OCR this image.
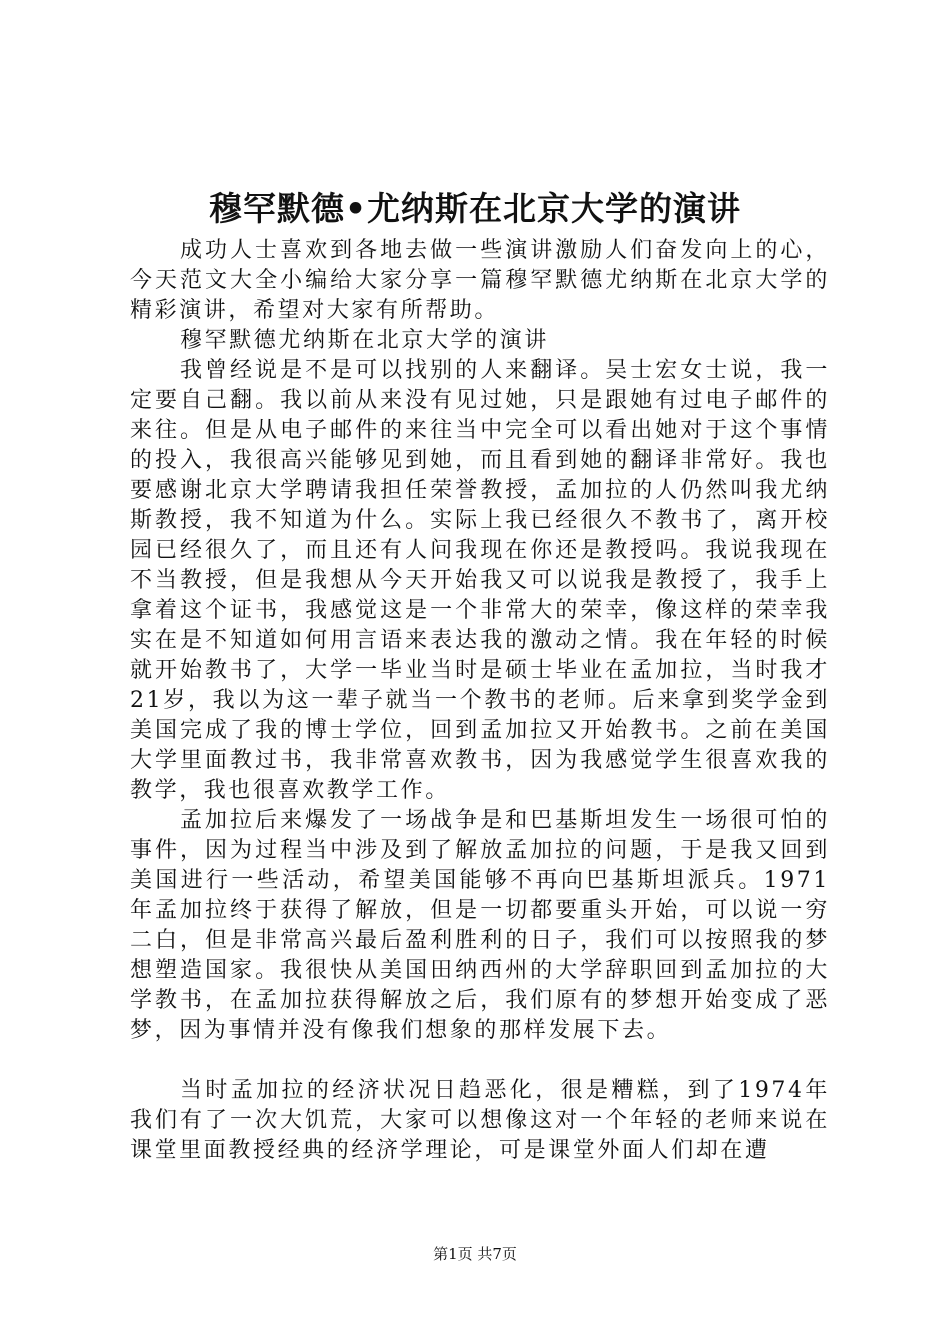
穆罕默德•尤纳斯在北京大学的演讲

成功人士喜欢到各地去做一些演讲激励人们奋发向上的心，今天范文大全小编给大家分享一篇穆罕默德尤纳斯在北京大学的精彩演讲，希望对大家有所帮助。

穆罕默德尤纳斯在北京大学的演讲

我曾经说是不是可以找别的人来翻译。吴士宏女士说，我一定要自己翻。我以前从来没有见过她，只是跟她有过电子邮件的来往。但是从电子邮件的来往当中完全可以看出她对于这个事情的投入，我很高兴能够见到她，而且看到她的翻译非常好。我也要感谢北京大学聘请我担任荣誉教授，孟加拉的人仍然叫我尤纳斯教授，我不知道为什么。实际上我已经很久不教书了，离开校园已经很久了，而且还有人问我现在你还是教授吗。我说我现在不当教授，但是我想从今天开始我又可以说我是教授了，我手上拿着这个证书，我感觉这是一个非常大的荣幸，像这样的荣幸我实在是不知道如何用言语来表达我的激动之情。我在年轻的时候就开始教书了，大学一毕业当时是硕士毕业在孟加拉，当时我才21岁，我以为这一辈子就当一个教书的老师。后来拿到奖学金到美国完成了我的博士学位，回到孟加拉又开始教书。之前在美国大学里面教过书，我非常喜欢教书，因为我感觉学生很喜欢我的教学，我也很喜欢教学工作。

孟加拉后来爆发了一场战争是和巴基斯坦发生一场很可怕的事件，因为过程当中涉及到了解放孟加拉的问题，于是我又回到美国进行一些活动，希望美国能够不再向巴基斯坦派兵。1971年孟加拉终于获得了解放，但是一切都要重头开始，可以说一穷二白，但是非常高兴最后盈利胜利的日子，我们可以按照我的梦想塑造国家。我很快从美国田纳西州的大学辞职回到孟加拉的大学教书，在孟加拉获得解放之后，我们原有的梦想开始变成了恶梦，因为事情并没有像我们想象的那样发展下去。

当时孟加拉的经济状况日趋恶化，很是糟糕，到了1974年我们有了一次大饥荒，大家可以想像这对一个年轻的老师来说在课堂里面教授经典的经济学理论，可是课堂外面人们却在遭

第1页 共7页
